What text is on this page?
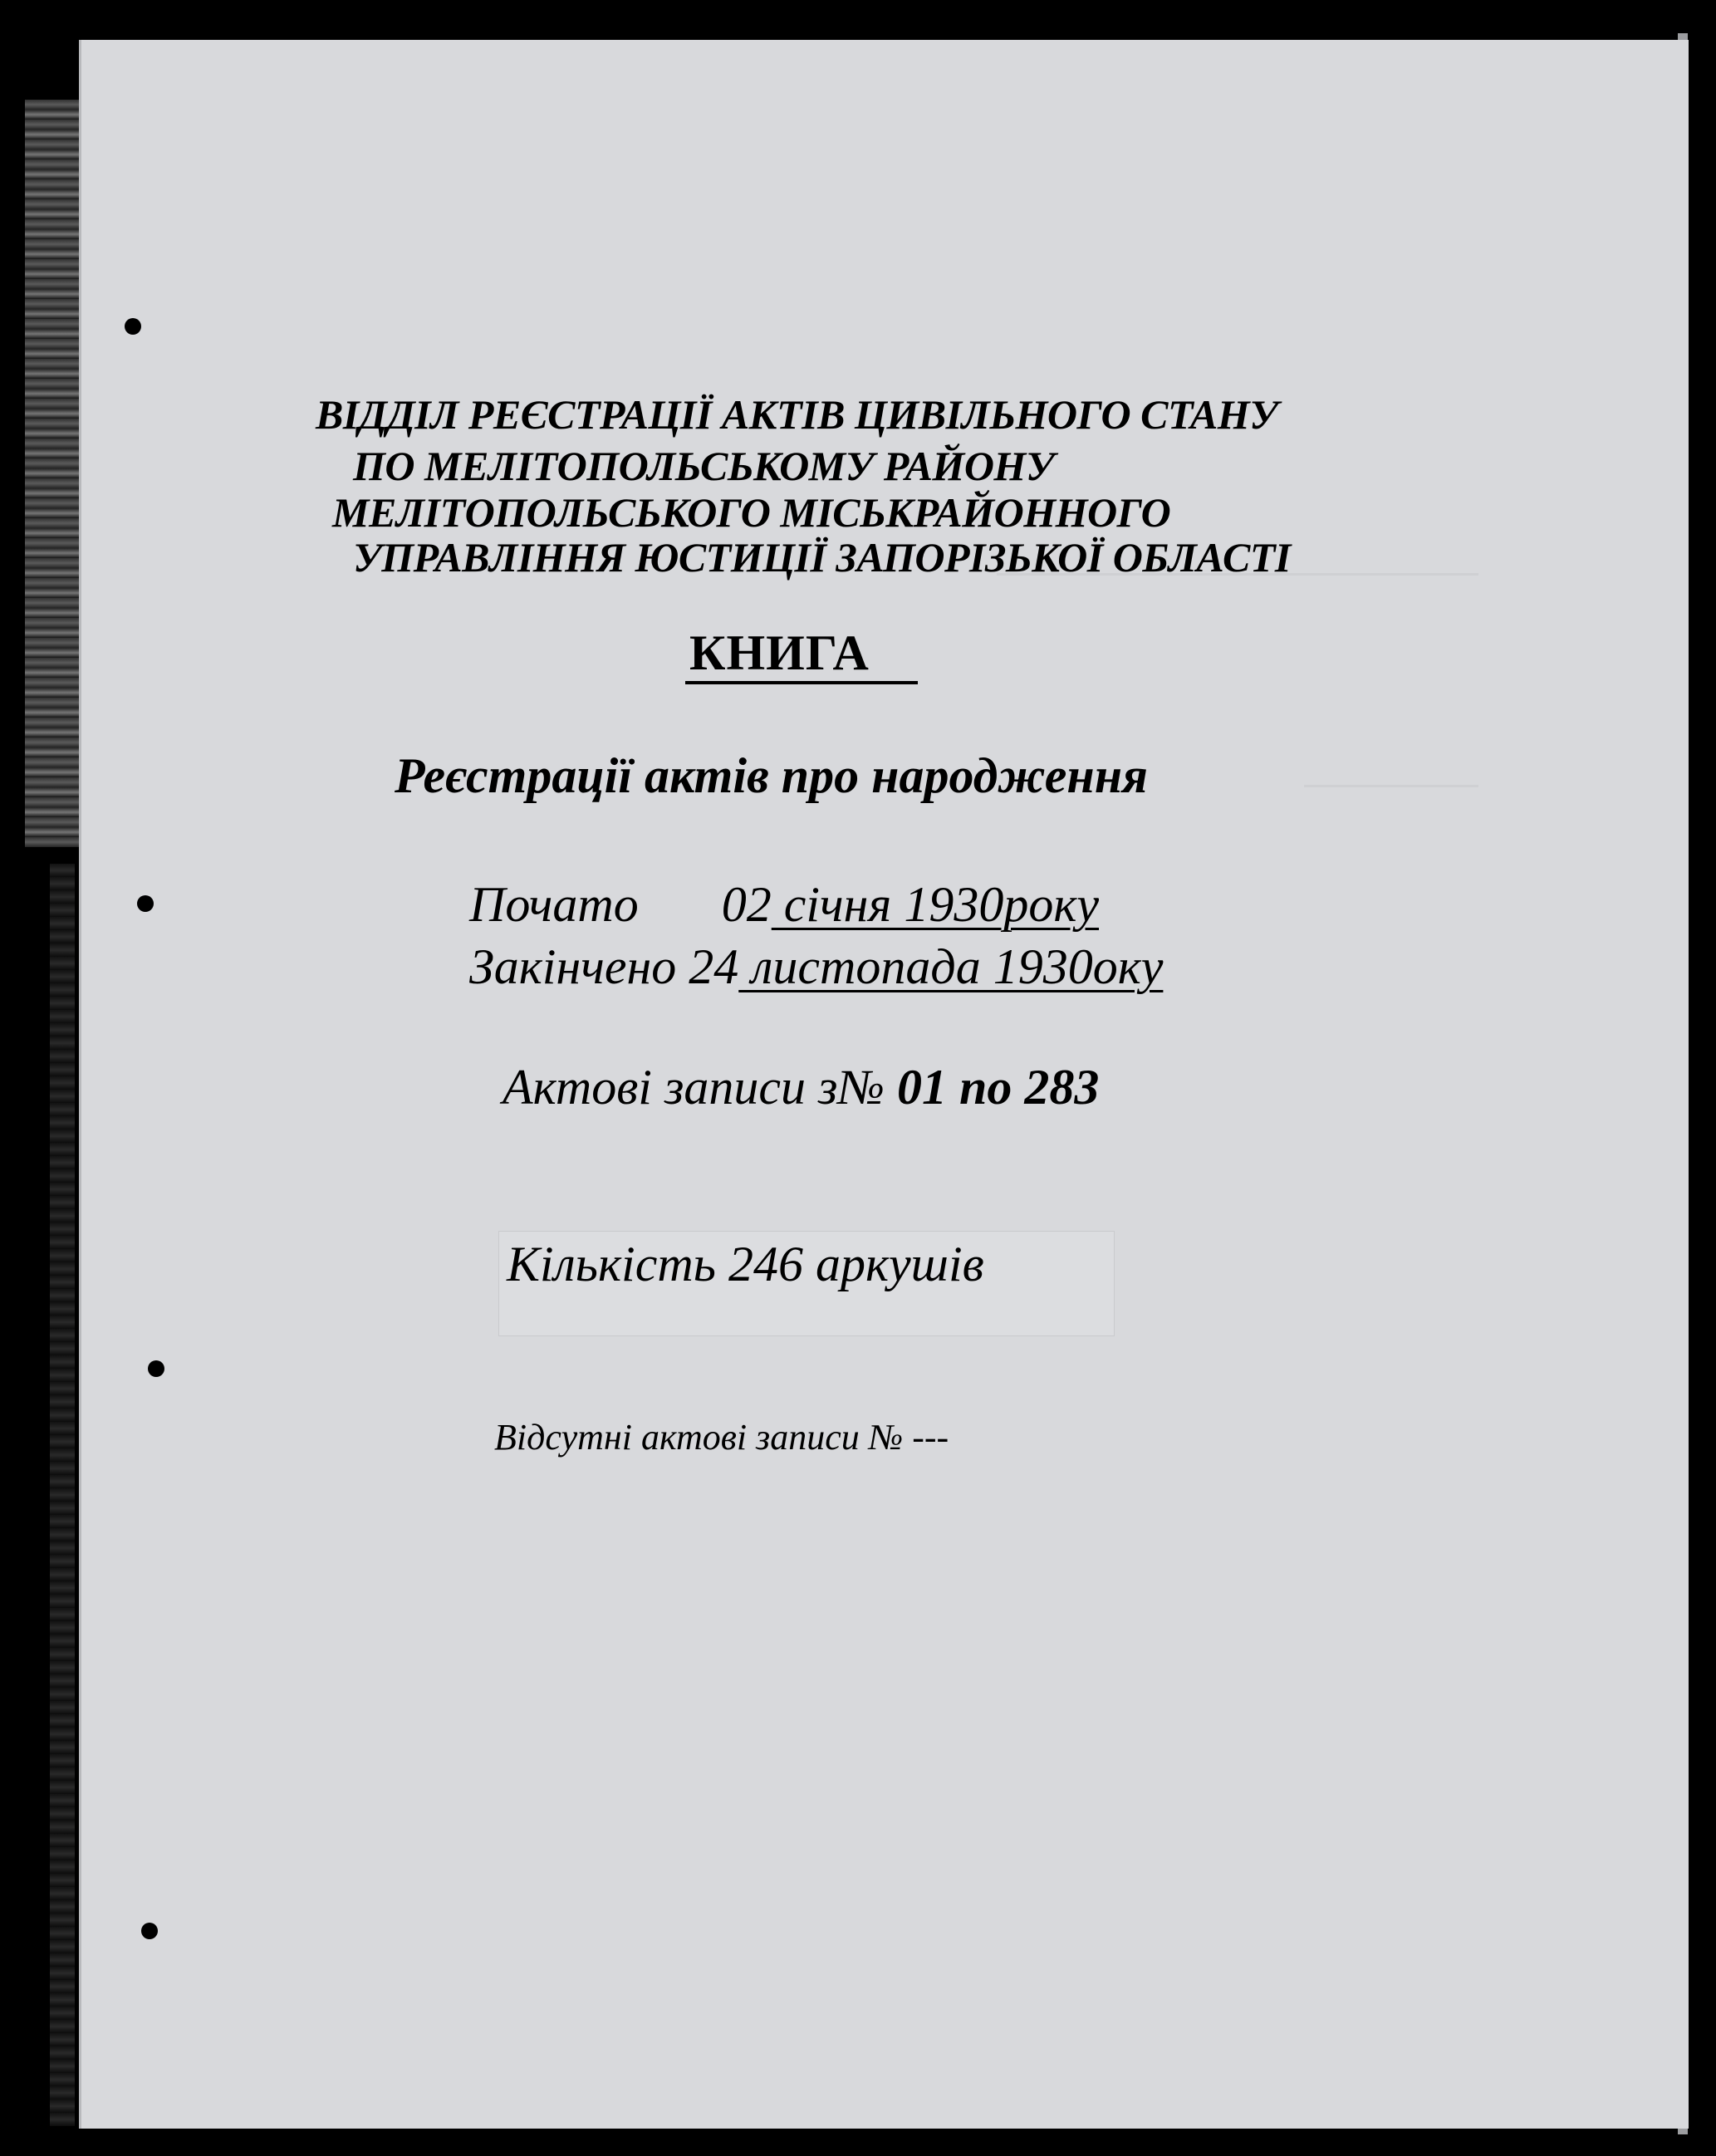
ВІДДІЛ РЕЄСТРАЦІЇ АКТІВ ЦИВІЛЬНОГО СТАНУ
ПО МЕЛІТОПОЛЬСЬКОМУ РАЙОНУ
МЕЛІТОПОЛЬСЬКОГО МІСЬКРАЙОННОГО
УПРАВЛІННЯ ЮСТИЦІЇ ЗАПОРІЗЬКОЇ ОБЛАСТІ
КНИГА
Реєстрації актів про народження
Почато 02 січня 1930року
Закінчено 24 листопада 1930оку
Актові записи з№ 01 по 283
Кількість 246 аркушів
Відсутні актові записи № ---
